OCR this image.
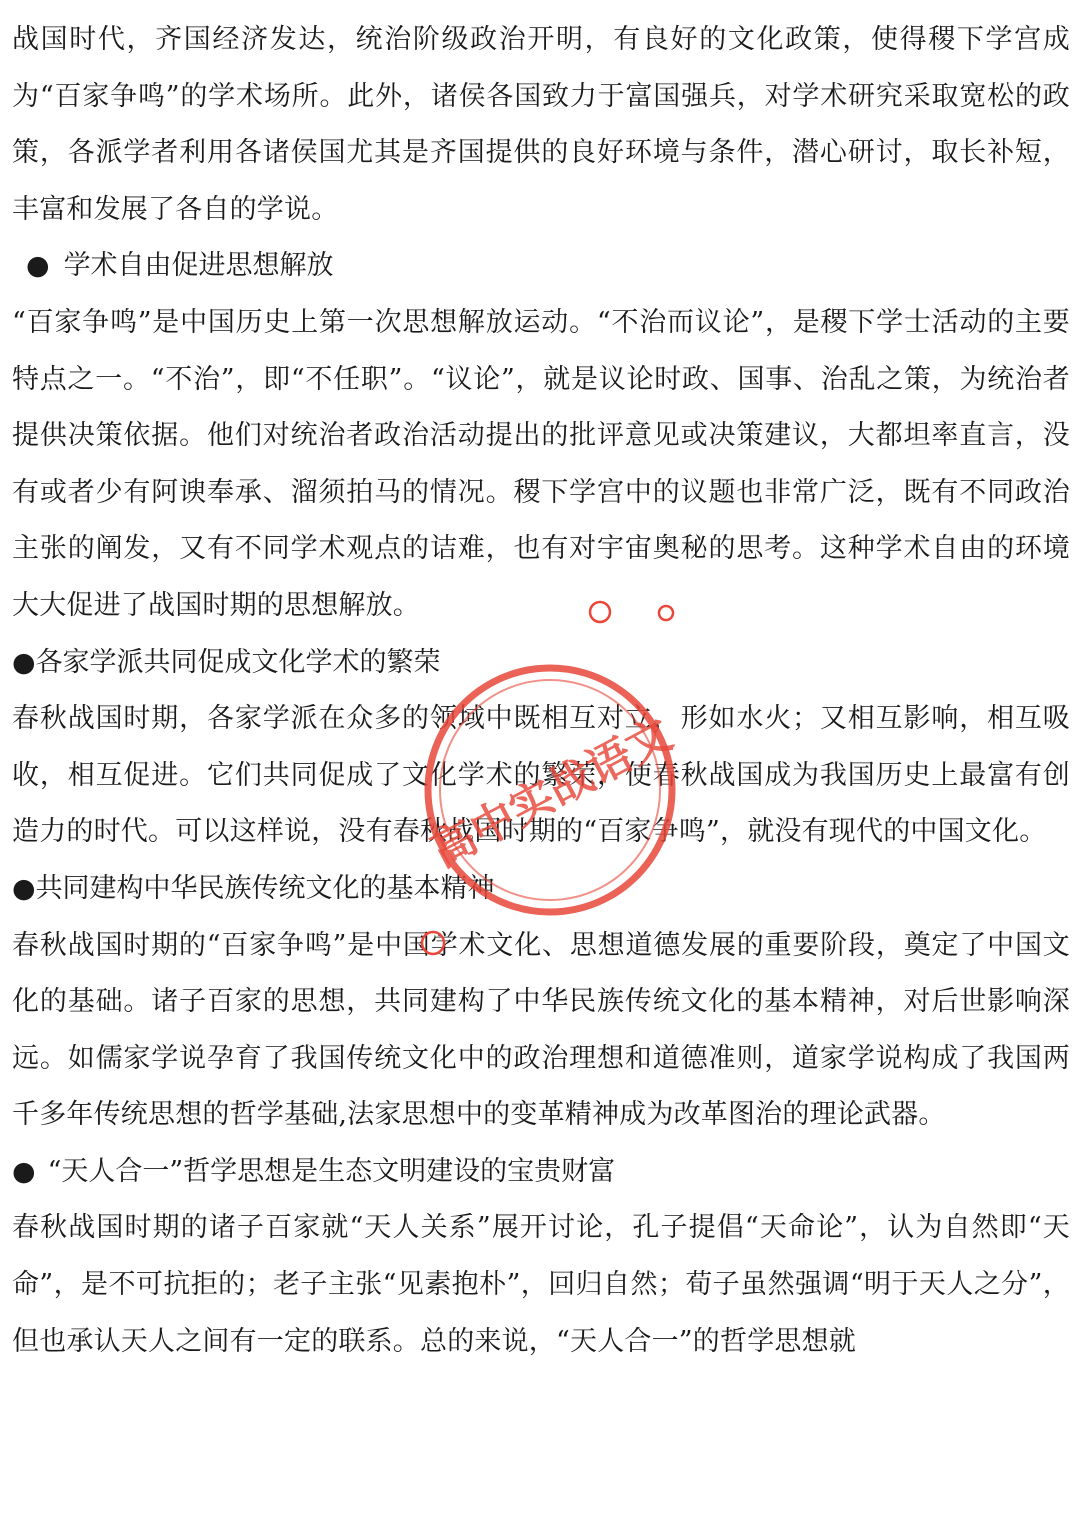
战国时代，齐国经济发达，统治阶级政治开明，有良好的文化政策，使得稷下学宫成为“百家争鸣”的学术场所。此外，诸侯各国致力于富国强兵，对学术研究采取宽松的政策，各派学者利用各诸侯国尤其是齐国提供的良好环境与条件，潜心研讨，取长补短，丰富和发展了各自的学说。

● 学术自由促进思想解放

“百家争鸣”是中国历史上第一次思想解放运动。“不治而议论”，是稷下学士活动的主要特点之一。“不治”，即“不任职”。“议论”，就是议论时政、国事、治乱之策，为统治者提供决策依据。他们对统治者政治活动提出的批评意见或决策建议，大都坦率直言，没有或者少有阿谀奉承、溜须拍马的情况。稷下学宫中的议题也非常广泛，既有不同政治主张的阐发，又有不同学术观点的诘难，也有对宇宙奥秘的思考。这种学术自由的环境大大促进了战国时期的思想解放。

●各家学派共同促成文化学术的繁荣

春秋战国时期，各家学派在众多的领域中既相互对立，形如水火；又相互影响，相互吸收，相互促进。它们共同促成了文化学术的繁荣，使春秋战国成为我国历史上最富有创造力的时代。可以这样说，没有春秋战国时期的“百家争鸣”，就没有现代的中国文化。

●共同建构中华民族传统文化的基本精神

春秋战国时期的“百家争鸣”是中国学术文化、思想道德发展的重要阶段，奠定了中国文化的基础。诸子百家的思想，共同建构了中华民族传统文化的基本精神，对后世影响深远。如儒家学说孕育了我国传统文化中的政治理想和道德准则，道家学说构成了我国两千多年传统思想的哲学基础,法家思想中的变革精神成为改革图治的理论武器。

● “天人合一”哲学思想是生态文明建设的宝贵财富

春秋战国时期的诸子百家就“天人关系”展开讨论，孔子提倡“天命论”，认为自然即“天命”，是不可抗拒的；老子主张“见素抱朴”，回归自然；荀子虽然强调“明于天人之分”，但也承认天人之间有一定的联系。总的来说，“天人合一”的哲学思想就

高中实战语文
